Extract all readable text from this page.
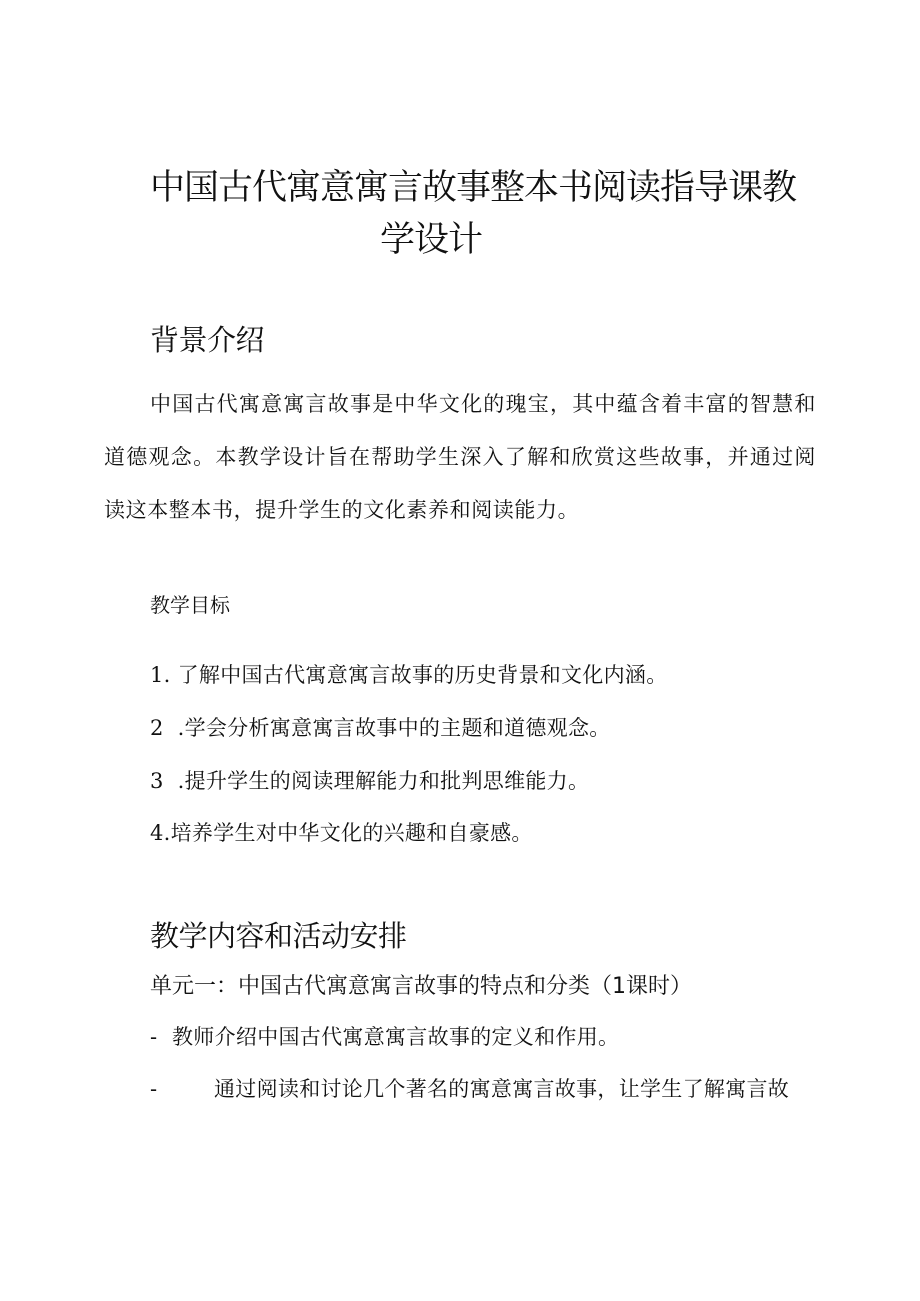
中国古代寓意寓言故事整本书阅读指导课教
学设计
背景介绍
中国古代寓意寓言故事是中华文化的瑰宝，其中蕴含着丰富的智慧和道德观念。本教学设计旨在帮助学生深入了解和欣赏这些故事，并通过阅读这本整本书，提升学生的文化素养和阅读能力。
教学目标
1. 了解中国古代寓意寓言故事的历史背景和文化内涵。
2  .学会分析寓意寓言故事中的主题和道德观念。
3  .提升学生的阅读理解能力和批判思维能力。
4.培养学生对中华文化的兴趣和自豪感。
教学内容和活动安排
单元一：中国古代寓意寓言故事的特点和分类（1课时）
- 教师介绍中国古代寓意寓言故事的定义和作用。
-	通过阅读和讨论几个著名的寓意寓言故事，让学生了解寓言故
